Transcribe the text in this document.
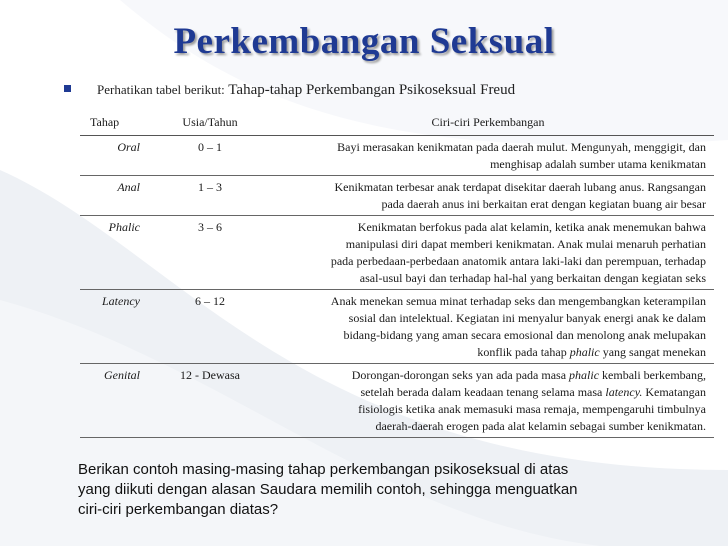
Perkembangan Seksual
Perhatikan tabel berikut: Tahap-tahap Perkembangan Psikoseksual Freud
Tahap	Usia/Tahun	Ciri-ciri Perkembangan
Oral	0 – 1	Bayi merasakan kenikmatan pada daerah mulut. Mengunyah, menggigit, dan
menghisap adalah sumber utama kenikmatan
Anal	1 – 3	Kenikmatan terbesar anak terdapat disekitar daerah lubang anus. Rangsangan
pada daerah anus ini berkaitan erat dengan kegiatan buang air besar
Phalic	3 – 6	Kenikmatan berfokus pada alat kelamin, ketika anak menemukan bahwa
manipulasi diri dapat memberi kenikmatan. Anak mulai menaruh perhatian
pada perbedaan-perbedaan anatomik antara laki-laki dan perempuan, terhadap
asal-usul bayi dan terhadap hal-hal yang berkaitan dengan kegiatan seks
Latency	6 – 12	Anak menekan semua minat terhadap seks dan mengembangkan keterampilan
sosial dan intelektual. Kegiatan ini menyalur banyak energi anak ke dalam
bidang-bidang yang aman secara emosional dan menolong anak melupakan
konflik pada tahap phalic yang sangat menekan
Genital	12 - Dewasa	Dorongan-dorongan seks yan ada pada masa phalic kembali berkembang,
setelah berada dalam keadaan tenang selama masa latency. Kematangan
fisiologis ketika anak memasuki masa remaja, mempengaruhi timbulnya
daerah-daerah erogen pada alat kelamin sebagai sumber kenikmatan.
Berikan contoh masing-masing tahap perkembangan psikoseksual di atas
yang diikuti dengan alasan Saudara memilih contoh, sehingga menguatkan
ciri-ciri perkembangan diatas?
